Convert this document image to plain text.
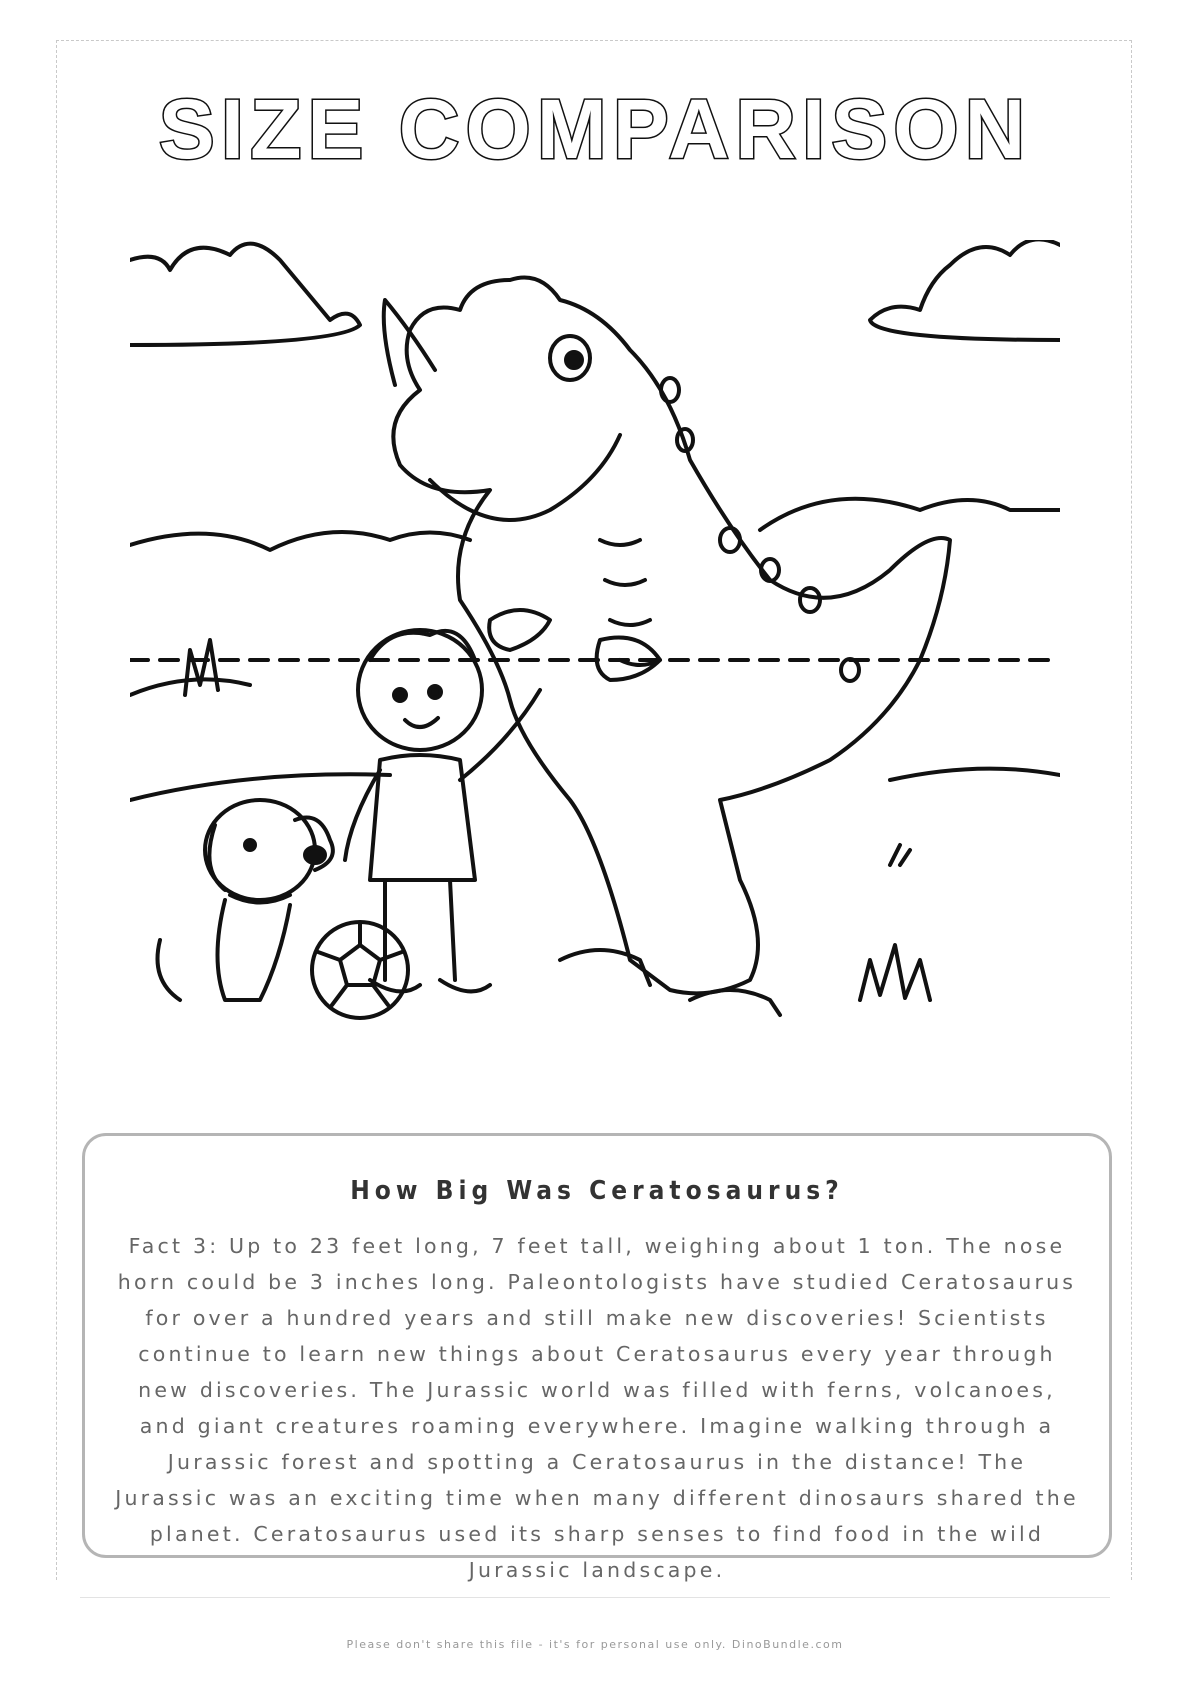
SIZE COMPARISON
How Big Was Ceratosaurus?

Fact 3: Up to 23 feet long, 7 feet tall, weighing about 1 ton. The nose horn could be 3 inches long. Paleontologists have studied Ceratosaurus for over a hundred years and still make new discoveries! Scientists continue to learn new things about Ceratosaurus every year through new discoveries. The Jurassic world was filled with ferns, volcanoes, and giant creatures roaming everywhere. Imagine walking through a Jurassic forest and spotting a Ceratosaurus in the distance! The Jurassic was an exciting time when many different dinosaurs shared the planet. Ceratosaurus used its sharp senses to find food in the wild Jurassic landscape.

Please don't share this file - it's for personal use only. DinoBundle.com
